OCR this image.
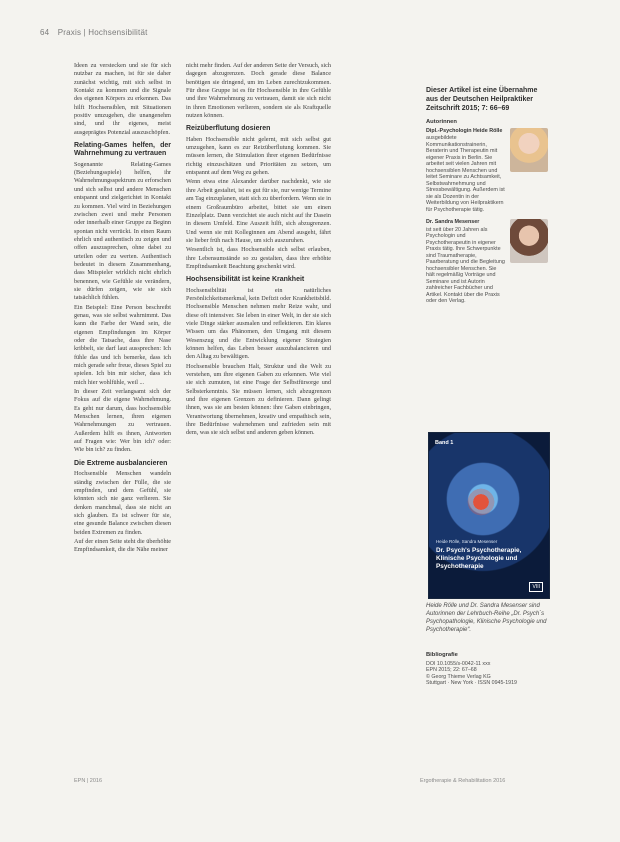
64 Praxis | Hochsensibilität

Ideen zu verstecken und sie für sich nutzbar zu machen, ist für sie daher zunächst wichtig, mit sich selbst in Kontakt zu kommen und die Signale des eigenen Körpers zu erkennen. Das hilft Hochsensiblen, mit Situationen positiv umzugehen, die unangenehm sind, und ihr eigenes, meist ausgeprägtes Potenzial auszuschöpfen.

Relating-Games helfen, der Wahrnehmung zu vertrauen

Sogenannte Relating-Games (Beziehungsspiele) helfen, ihr Wahrnehmungsspektrum zu erforschen und sich selbst und andere Menschen entspannt und zielgerichtet in Kontakt zu kommen. Viel wird in Beziehungen zwischen zwei und mehr Personen oder innerhalb einer Gruppe zu Beginn spontan nicht verrückt. In einen Raum ehrlich und authentisch zu zeigen und offen auszusprechen, ohne dabei zu urteilen oder zu werten. Authentisch bedeutet in diesem Zusammenhang, dass Mitspieler wirklich nicht ehrlich benennen, wie Gefühle sie verändern, sie dürfen zeigen, wie sie sich tatsächlich fühlen.

Ein Beispiel: Eine Person beschreibt genau, was sie selbst wahrnimmt. Das kann die Farbe der Wand sein, die eigenen Empfindungen im Körper oder die Tatsache, dass ihre Nase kribbelt, sie darf laut aussprechen: Ich fühle das und ich bemerke, dass ich mich gerade sehr freue, dieses Spiel zu spielen. Ich bin mir sicher, dass ich mich hier wohlfühle, weil ...

In dieser Zeit verlangsamt sich der Fokus auf die eigene Wahrnehmung. Es geht nur darum, dass hochsensible Menschen lernen, ihren eigenen Wahrnehmungen zu vertrauen. Außerdem hilft es ihnen, Antworten auf Fragen wie: Wer bin ich? oder: Wie bin ich? zu finden.

Die Extreme ausbalancieren

Hochsensible Menschen wandeln ständig zwischen der Fülle, die sie empfinden, und dem Gefühl, sie könnten sich nie ganz verlieren. Sie denken manchmal, dass sie nicht an sich glauben. Es ist schwer für sie, eine gesunde Balance zwischen diesen beiden Extremen zu finden.

Auf der einen Seite steht die überhöhte Empfindsamkeit, die die Nähe meiner

nicht mehr finden. Auf der anderen Seite der Versuch, sich dagegen abzugrenzen. Doch gerade diese Balance benötigen sie dringend, um im Leben zurechtzukommen. Für diese Gruppe ist es für Hochsensible in ihre Gefühle und ihre Wahrnehmung zu vertrauen, damit sie sich nicht in ihren Emotionen verlieren, sondern sie als Kraftquelle nutzen können.

Reizüberflutung dosieren

Haben Hochsensible nicht gelernt, mit sich selbst gut umzugehen, kann es zur Reizüberflutung kommen. Sie müssen lernen, die Stimulation ihrer eigenen Bedürfnisse richtig einzuschätzen und Prioritäten zu setzen, um entspannt auf dem Weg zu gehen.

Wenn etwa eine Alexander darüber nachdenkt, wie sie ihre Arbeit gestaltet, ist es gut für sie, nur wenige Termine am Tag einzuplanen, statt sich zu überfordern. Wenn sie in einem Großraumbüro arbeitet, bittet sie um einen Einzelplatz. Dann verzichtet sie auch nicht auf ihr Dasein in diesem Umfeld. Eine Auszeit hilft, sich abzugrenzen. Und wenn sie mit Kolleginnen am Abend ausgeht, fährt sie lieber früh nach Hause, um sich auszuruhen.

Wesentlich ist, dass Hochsensible sich selbst erlauben, ihre Lebensumstände so zu gestalten, dass ihre erhöhte Empfindsamkeit Beachtung geschenkt wird.

Hochsensibilität ist keine Krankheit

Hochsensibilität ist ein natürliches Persönlichkeitsmerkmal, kein Defizit oder Krankheitsbild. Hochsensible Menschen nehmen mehr Reize wahr, und diese oft intensiver. Sie leben in einer Welt, in der sie sich viele Dinge stärker ausmalen und reflektieren. Ein klares Wissen um das Phänomen, den Umgang mit diesem Wesenszug und die Entwicklung eigener Strategien können helfen, das Leben besser auszubalancieren und den Alltag zu bewältigen.

Hochsensible brauchen Halt, Struktur und die Welt zu verstehen, um ihre eigenen Gaben zu erkennen. Wie viel sie sich zumuten, ist eine Frage der Selbstfürsorge und Selbsterkenntnis. Sie müssen lernen, sich abzugrenzen und ihre eigenen Grenzen zu definieren. Dann gelingt ihnen, was sie am besten können: ihre Gaben einbringen, Verantwortung übernehmen, kreativ und empathisch sein, ihre Bedürfnisse wahrnehmen und zufrieden sein mit dem, was sie sich selbst und anderen geben können.

Dieser Artikel ist eine Übernahme aus der Deutschen Heilpraktiker Zeitschrift 2015; 7: 66–69
Autorinnen
Dipl.-Psychologin Heide Rölle
ausgebildete Kommunikationstrainerin, Beraterin und Therapeutin mit eigener Praxis in Berlin. Sie arbeitet seit vielen Jahren mit hochsensiblen Menschen und leitet Seminare zu Achtsamkeit, Selbstwahrnehmung und Stressbewältigung. Außerdem ist sie als Dozentin in der Weiterbildung von Heilpraktikern für Psychotherapie tätig.
Dr. Sandra Mesenser
ist seit über 20 Jahren als Psychologin und Psychotherapeutin in eigener Praxis tätig. Ihre Schwerpunkte sind Traumatherapie, Paarberatung und die Begleitung hochsensibler Menschen. Sie hält regelmäßig Vorträge und Seminare und ist Autorin zahlreicher Fachbücher und Artikel. Kontakt über die Praxis oder den Verlag.
Band 1
Heide Rölle, Sandra Mesenser
Dr. Psych's Psychotherapie, Klinische Psychologie und Psychotherapie
VIII
Heide Rölle und Dr. Sandra Mesenser sind Autorinnen der Lehrbuch-Reihe „Dr. Psych´s Psychopathologie, Klinische Psychologie und Psychotherapie“.
Bibliografie
DOI 10.1055/s-0042-11 xxx
EPN 2015; 22: 67–68
© Georg Thieme Verlag KG
Stuttgart · New York · ISSN 0945-1919
EPN | 2016	Ergotherapie & Rehabilitation 2016
